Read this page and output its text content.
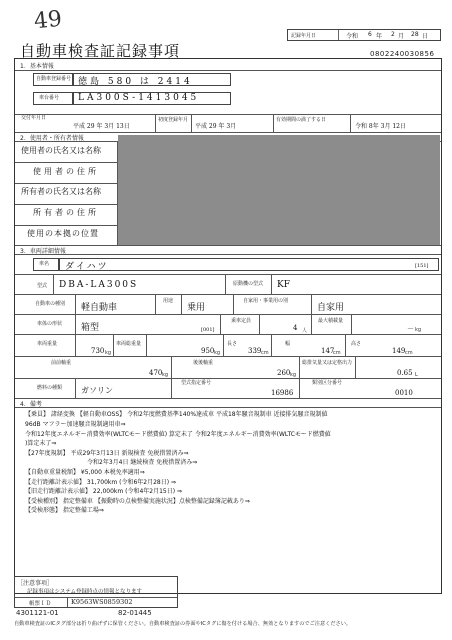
49
自動車検査証記録事項
記録年月日	令和 6 年 2 月 28 日
0802240030856
1．基本情報
自動車登録番号 徳島 580 は 2414
車台番号 LA300S-1413045
交付年月日
平成 29 年 3月 13日
初度登録年月
平成 29 年 3月
有効期間の満了する日
令和 8年 3月 12日
2．使用者・所有者情報
使用者の氏名又は名称
使用者の住所
所有者の氏名又は名称
所有者の住所
使用の本拠の位置
3．車両詳細情報
車名 ダイハツ	[151]
型式 DBA-LA300S	原動機の型式 KF
自動車の種別 軽自動車
用途
乗用
自家用・事業用の別
自家用
車体の形状 箱型	[001]
乗車定員
4 人
最大積載量
－ kg
車両重量
730 kg
車両総重量
950 kg
長さ
339 cm
幅
147
cm
高さ
149 cm
前前軸重
470 kg
後後軸重
260 kg
総排気量又は定格出力
0.65 L
燃料の種類 ガソリン
型式指定番号
16986
類別区分番号
0010
4．備考
【乗員】 諸経変換 【軽自動車OSS】 令和2年度燃費基準140%達成車 平成18年騒音規制車 近接排気騒音規制値
96dB マフラー加速騒音規制適用車⇒
令和12年度エネルギー消費効率(WLTCモード燃費値) 算定未了 令和2年度エネルギー消費効率(WLTCモード燃費値
)算定未了⇒
【27年度規制】 平成29年3月13日 新規検査 免税措置済み⇒
令和2年3月4日 継続検査 免税措置済み⇒
【自動車重量税額】 ¥5,000 本税免率適用⇒
【走行距離計表示値】 31,700km (令和6年2月28日) ⇒
【旧走行距離計表示値】 22,000km (令和4年2月15日) ⇒
【受検種別】 指定整備車 【振動時の点検整備実施状況】点検整備記録簿記載あり⇒
【受検形態】 指定整備工場⇒
［注意事項］
記録事項はシステム登録時点の情報となります
帳票ＩＤ	K9563WS0859302
4301121-01	82-01445
自動車検査証のICタグ部分は折り曲げずに保管ください。自動車検査証の券面やICタグに傷を付ける場合、無効となりますのでご注意ください。
